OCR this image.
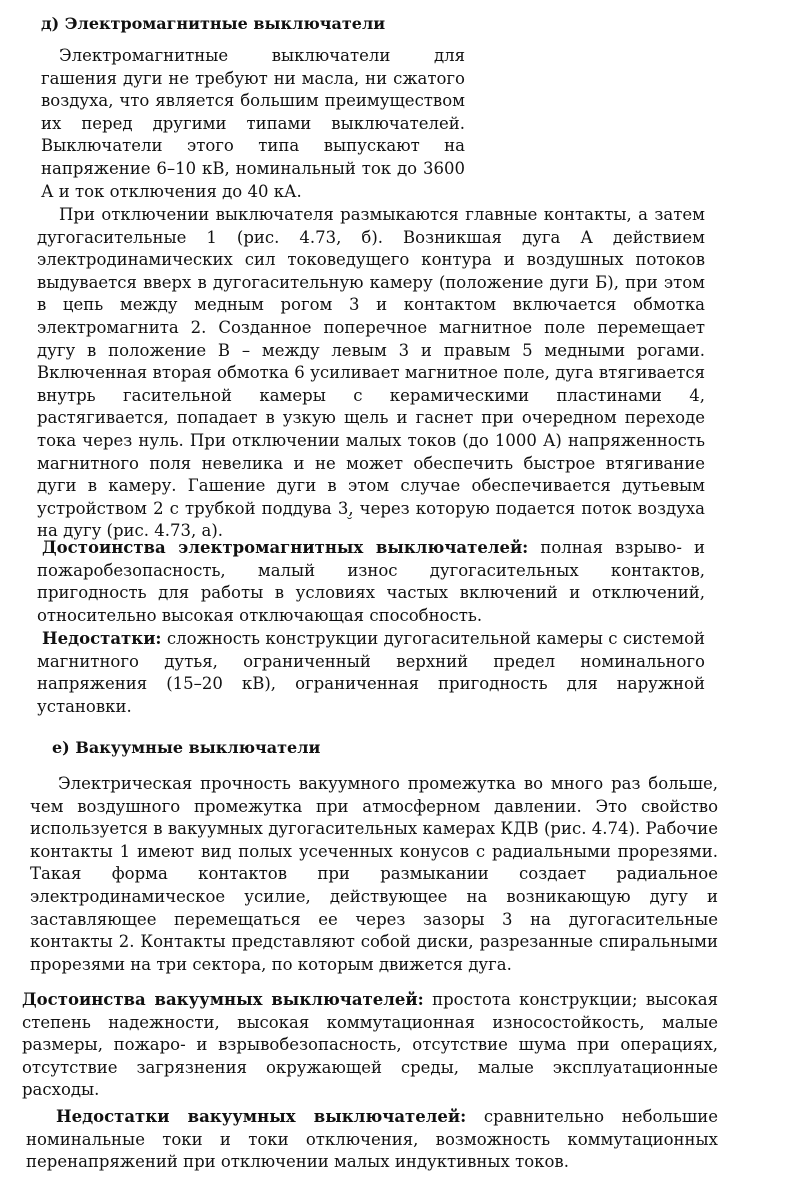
д) Электромагнитные выключатели

Электромагнитные выключатели для гашения дуги не требуют ни масла, ни сжатого воздуха, что является большим преимуществом их перед другими типами выключателей. Выключатели этого типа выпускают на напряжение 6–10 кВ, номинальный ток до 3600 А и ток отключения до 40 кА.

При отключении выключателя размыкаются главные контакты, а затем дугогасительные 1 (рис. 4.73, б). Возникшая дуга А действием электродинамических сил токоведущего контура и воздушных потоков выдувается вверх в дугогасительную камеру (положение дуги Б), при этом в цепь между медным рогом 3 и контактом включается обмотка электромагнита 2. Созданное поперечное магнитное поле перемещает дугу в положение В – между левым 3 и правым 5 медными рогами. Включенная вторая обмотка 6 усиливает магнитное поле, дуга втягивается внутрь гасительной камеры с керамическими пластинами 4, растягивается, попадает в узкую щель и гаснет при очередном переходе тока через нуль. При отключении малых токов (до 1000 А) напряженность магнитного поля невелика и не может обеспечить быстрое втягивание дуги в камеру. Гашение дуги в этом случае обеспечивается дутьевым устройством 2 с трубкой поддува 3, через которую подается поток воздуха на дугу (рис. 4.73, а).	˘

Достоинства электромагнитных выключателей: полная взрыво- и пожаробезопасность, малый износ дугогасительных контактов, пригодность для работы в условиях частых включений и отключений, относительно высокая отключающая способность.

Недостатки: сложность конструкции дугогасительной камеры с системой магнитного дутья, ограниченный верхний предел номинального напряжения (15–20 кВ), ограниченная пригодность для наружной установки.

е) Вакуумные выключатели

Электрическая прочность вакуумного промежутка во много раз больше, чем воздушного промежутка при атмосферном давлении. Это свойство используется в вакуумных дугогасительных камерах КДВ (рис. 4.74). Рабочие контакты 1 имеют вид полых усеченных конусов с радиальными прорезями. Такая форма контактов при размыкании создает радиальное электродинамическое усилие, действующее на возникающую дугу и заставляющее перемещаться ее через зазоры 3 на дугогасительные контакты 2. Контакты представляют собой диски, разрезанные спиральными прорезями на три сектора, по которым движется дуга.

Достоинства вакуумных выключателей: простота конструкции; высокая степень надежности, высокая коммутационная износостойкость, малые размеры, пожаро- и взрывобезопасность, отсутствие шума при операциях, отсутствие загрязнения окружающей среды, малые эксплуатационные расходы.

Недостатки вакуумных выключателей: сравнительно небольшие номинальные токи и токи отключения, возможность коммутационных перенапряжений при отключении малых индуктивных токов.
